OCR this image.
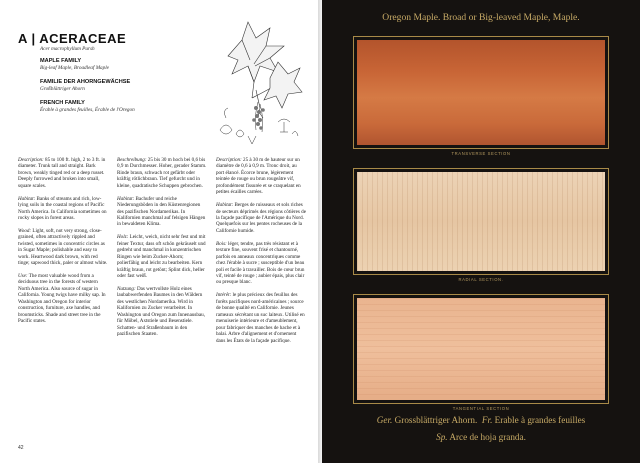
A | ACERACEAE
Acer macrophyllum Pursh
MAPLE FAMILY
Big-leaf Maple, Broadleaf Maple
FAMILIE DER AHORNGEWÄCHSE
Großblättriger Ahorn
FRENCH FAMILY
Érable à grandes feuilles, Érable de l'Oregon

Description: 85 to 100 ft. high, 2 to 3 ft. in diameter. Trunk tall and straight. Bark brown, weakly tinged red or a deep russet. Deeply furrowed and broken into small, square scales.

Habitat: Banks of streams and rich, low-lying soils in the coastal regions of Pacific North America. In California sometimes on rocky slopes in forest areas.

Wood: Light, soft, not very strong, close-grained, often attractively rippled and twisted, sometimes in concentric circles as in Sugar Maple; polishable and easy to work. Heartwood dark brown, with red tinge; sapwood thick, paler or almost white.

Use: The most valuable wood from a deciduous tree in the forests of western North America. Also source of sugar in California. Young twigs have milky sap. In Washington and Oregon for interior construction, furniture, axe handles, and broomsticks. Shade and street tree in the Pacific states.

Beschreibung: 25 bis 30 m hoch bei 0,6 bis 0,9 m Durchmesser. Hoher, gerader Stamm. Rinde braun, schwach rot gefärbt oder kräftig rötlichbraun. Tief gefurcht und in kleine, quadratische Schuppen gebrochen.

Habitat: Bachufer und reiche Niederungsböden in den Küstenregionen des pazifischen Nordamerikas. In Kalifornien manchmal auf felsigen Hängen in bewaldeten Klima.

Holz: Leicht, weich, nicht sehr fest und mit feiner Textur, dass oft schön gekräuselt und gedreht und manchmal in konzentrischen Ringen wie beim Zucker-Ahorn; polierfähig und leicht zu bearbeiten. Kern kräftig braun, rot getönt; Splint dick, heller oder fast weiß.

Nutzung: Das wertvollste Holz eines laubabwerfenden Baumes in den Wäldern des westlichen Nordamerika. Wird in Kalifornien zu Zucker verarbeitet. In Washington und Oregon zum Innenausbau, für Möbel, Axtstiele und Besenstiele. Schatten- und Straßenbaum in den pazifischen Staaten.

Description: 25 à 30 m de hauteur sur un diamètre de 0,6 à 0,9 m. Tronc droit, au port élancé. Écorce brune, légèrement teintée de rouge ou brun rougeâtre vif, profondément fissurée et se craquelant en petites écailles carrées.

Habitat: Berges de ruisseaux et sols riches de secteurs déprimés des régions côtières de la façade pacifique de l'Amérique du Nord. Quelquefois sur les pentes rocheuses de la Californie humide.

Bois: léger, tendre, pas très résistant et à texture fine, souvent frisé et chantourné, parfois en anneaux concentriques comme chez l'érable à sucre ; susceptible d'un beau poli et facile à travailler. Bois de cœur brun vif, teinté de rouge ; aubier épais, plus clair ou presque blanc.

Intérêt: le plus précieux des feuillus des forêts pacifiques nord-américaines ; source de bonne qualité en Californie. Jeunes rameaux sécrétant un suc laiteux. Utilisé en menuiserie intérieure et d'ameublement, pour fabriquer des manches de hache et à balai. Arbre d'alignement et d'ornement dans les États de la façade pacifique.

42
Oregon Maple. Broad or Big-leaved Maple, Maple.
TRANSVERSE SECTION
RADIAL SECTION.
TANGENTIAL SECTION
Ger. Grossblättriger Ahorn. Fr. Erable à grandes feuilles
Sp. Arce de hoja granda.
